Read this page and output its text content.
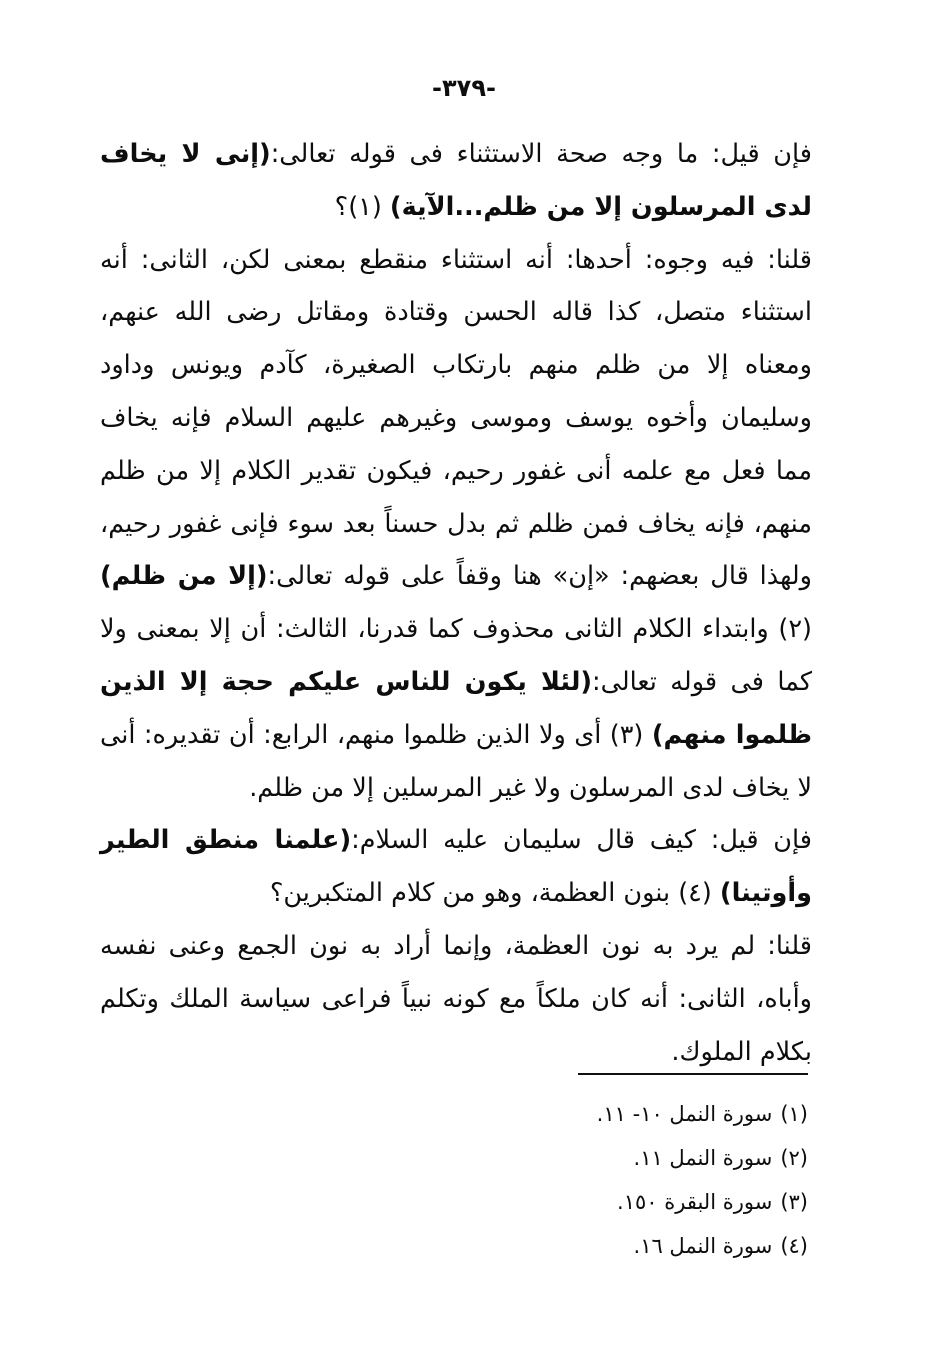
-٣٧٩-

فإن قيل: ما وجه صحة الاستثناء فى قوله تعالى:(إنى لا يخاف لدى المرسلون إلا من ظلم...الآية) (١)؟

قلنا: فيه وجوه: أحدها: أنه استثناء منقطع بمعنى لكن، الثانى: أنه استثناء متصل، كذا قاله الحسن وقتادة ومقاتل رضى الله عنهم، ومعناه إلا من ظلم منهم بارتكاب الصغيرة، كآدم ويونس وداود وسليمان وأخوه يوسف وموسى وغيرهم عليهم السلام فإنه يخاف مما فعل مع علمه أنى غفور رحيم، فيكون تقدير الكلام إلا من ظلم منهم، فإنه يخاف فمن ظلم ثم بدل حسناً بعد سوء فإنى غفور رحيم، ولهذا قال بعضهم: «إن» هنا وقفاً على قوله تعالى:(إلا من ظلم) (٢) وابتداء الكلام الثانى محذوف كما قدرنا، الثالث: أن إلا بمعنى ولا كما فى قوله تعالى:(لئلا يكون للناس عليكم حجة إلا الذين ظلموا منهم) (٣) أى ولا الذين ظلموا منهم، الرابع: أن تقديره: أنى لا يخاف لدى المرسلون ولا غير المرسلين إلا من ظلم.

فإن قيل: كيف قال سليمان عليه السلام:(علمنا منطق الطير وأوتينا) (٤) بنون العظمة، وهو من كلام المتكبرين؟

قلنا: لم يرد به نون العظمة، وإنما أراد به نون الجمع وعنى نفسه وأباه، الثانى: أنه كان ملكاً مع كونه نبياً فراعى سياسة الملك وتكلم بكلام الملوك.

(١)سورة النمل ١٠- ١١.
(٢)سورة النمل ١١.
(٣)سورة البقرة ١٥٠.
(٤)سورة النمل ١٦.
